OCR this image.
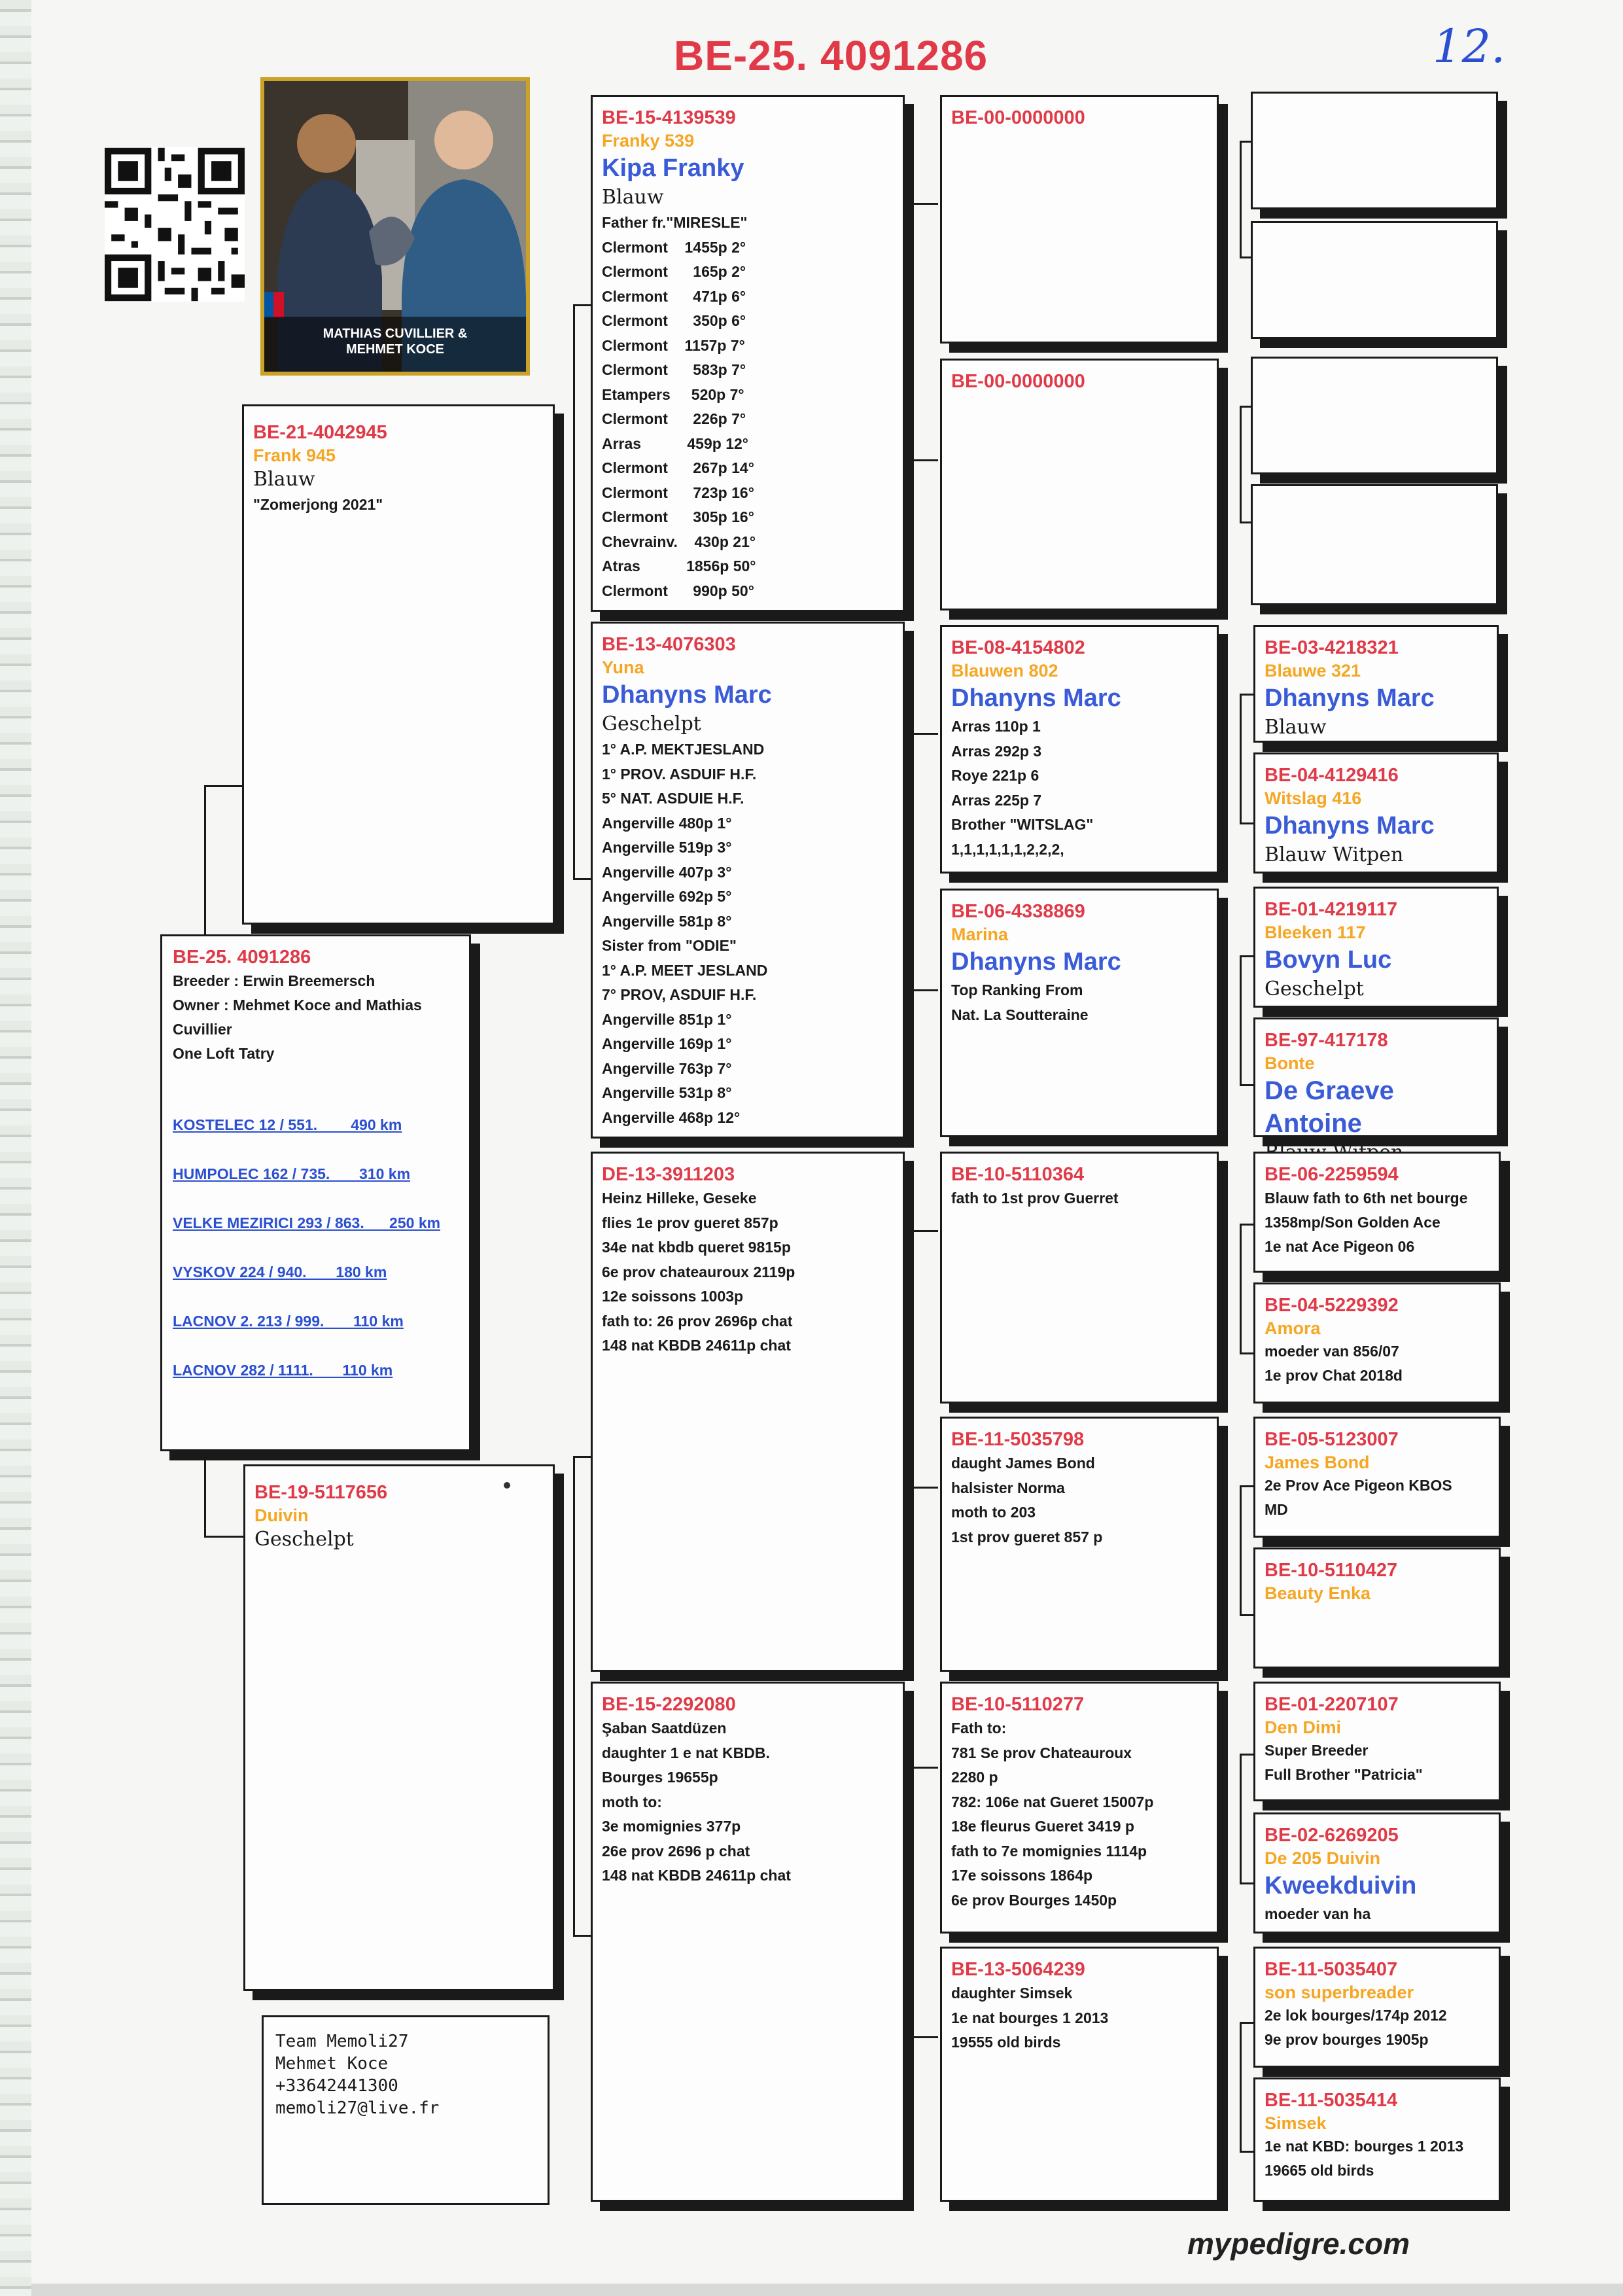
BE-25. 4091286	12.
MATHIAS CUVILLIER &
MEHMET KOCE
BE-25. 4091286
Breeder : Erwin Breemersch
Owner : Mehmet Koce and Mathias
Cuvillier
One Loft Tatry
KOSTELEC 12 / 551.        490 km
HUMPOLEC 162 / 735.       310 km
VELKE MEZIRICI 293 / 863.      250 km
VYSKOV 224 / 940.       180 km
LACNOV 2. 213 / 999.       110 km
LACNOV 282 / 1111.       110 km
BE-21-4042945
Frank 945
Blauw
"Zomerjong 2021"
BE-19-5117656
Duivin
Geschelpt
Team Memoli27
Mehmet Koce
+33642441300
memoli27@live.fr
BE-15-4139539
Franky 539
Kipa Franky
Blauw
Father fr."MIRESLE"
Clermont    1455p 2°
Clermont      165p 2°
Clermont      471p 6°
Clermont      350p 6°
Clermont    1157p 7°
Clermont      583p 7°
Etampers     520p 7°
Clermont      226p 7°
Arras           459p 12°
Clermont      267p 14°
Clermont      723p 16°
Clermont      305p 16°
Chevrainv.    430p 21°
Atras           1856p 50°
Clermont      990p 50°
BE-13-4076303
Yuna
Dhanyns Marc
Geschelpt
1° A.P. MEKTJESLAND
1° PROV. ASDUIF H.F.
5° NAT. ASDUIE H.F.
Angerville 480p 1°
Angerville 519p 3°
Angerville 407p 3°
Angerville 692p 5°
Angerville 581p 8°
Sister from "ODIE"
1° A.P. MEET JESLAND
7° PROV, ASDUIF H.F.
Angerville 851p 1°
Angerville 169p 1°
Angerville 763p 7°
Angerville 531p 8°
Angerville 468p 12°
DE-13-3911203
Heinz Hilleke, Geseke
flies 1e prov gueret 857p
34e nat kbdb queret 9815p
6e prov chateauroux 2119p
12e soissons 1003p
fath to: 26 prov 2696p chat
148 nat KBDB 24611p chat
BE-15-2292080
Şaban Saatdüzen
daughter 1 e nat KBDB.
Bourges 19655p
moth to:
3e momignies 377p
26e prov 2696 p chat
148 nat KBDB 24611p chat
BE-00-0000000
BE-00-0000000
BE-08-4154802
Blauwen 802
Dhanyns Marc
Arras 110p 1
Arras 292p 3
Roye 221p 6
Arras 225p 7
Brother "WITSLAG"
1,1,1,1,1,1,2,2,2,
BE-06-4338869
Marina
Dhanyns Marc
Top Ranking From
Nat. La Soutteraine
BE-10-5110364
fath to 1st prov Guerret
BE-11-5035798
daught James Bond
halsister Norma
moth to 203
1st prov gueret 857 p
BE-10-5110277
Fath to:
781 Se prov Chateauroux
2280 p
782: 106e nat Gueret 15007p
18e fleurus Gueret 3419 p
fath to 7e momignies 1114p
17e soissons 1864p
6e prov Bourges 1450p
BE-13-5064239
daughter Simsek
1e nat bourges 1 2013
19555 old birds
BE-03-4218321
Blauwe 321
Dhanyns Marc
Blauw
BE-04-4129416
Witslag 416
Dhanyns Marc
Blauw Witpen
BE-01-4219117
Bleeken 117
Bovyn Luc
Geschelpt
BE-97-417178
Bonte
De Graeve Antoine
BE-06-2259594
Blauw fath to 6th net bourge
1358mp/Son Golden Ace
1e nat Ace Pigeon 06
BE-04-5229392
Amora
moeder van 856/07
1e prov Chat 2018d
BE-05-5123007
James Bond
2e Prov Ace Pigeon KBOS
MD
BE-10-5110427
Beauty Enka
BE-01-2207107
Den Dimi
Super Breeder
Full Brother "Patricia"
BE-02-6269205
De 205 Duivin
Kweekduivin
moeder van ha
BE-11-5035407
son superbreader
2e lok bourges/174p 2012
9e prov bourges 1905p
BE-11-5035414
Simsek
1e nat KBD: bourges 1 2013
19665 old birds
mypedigre.com
